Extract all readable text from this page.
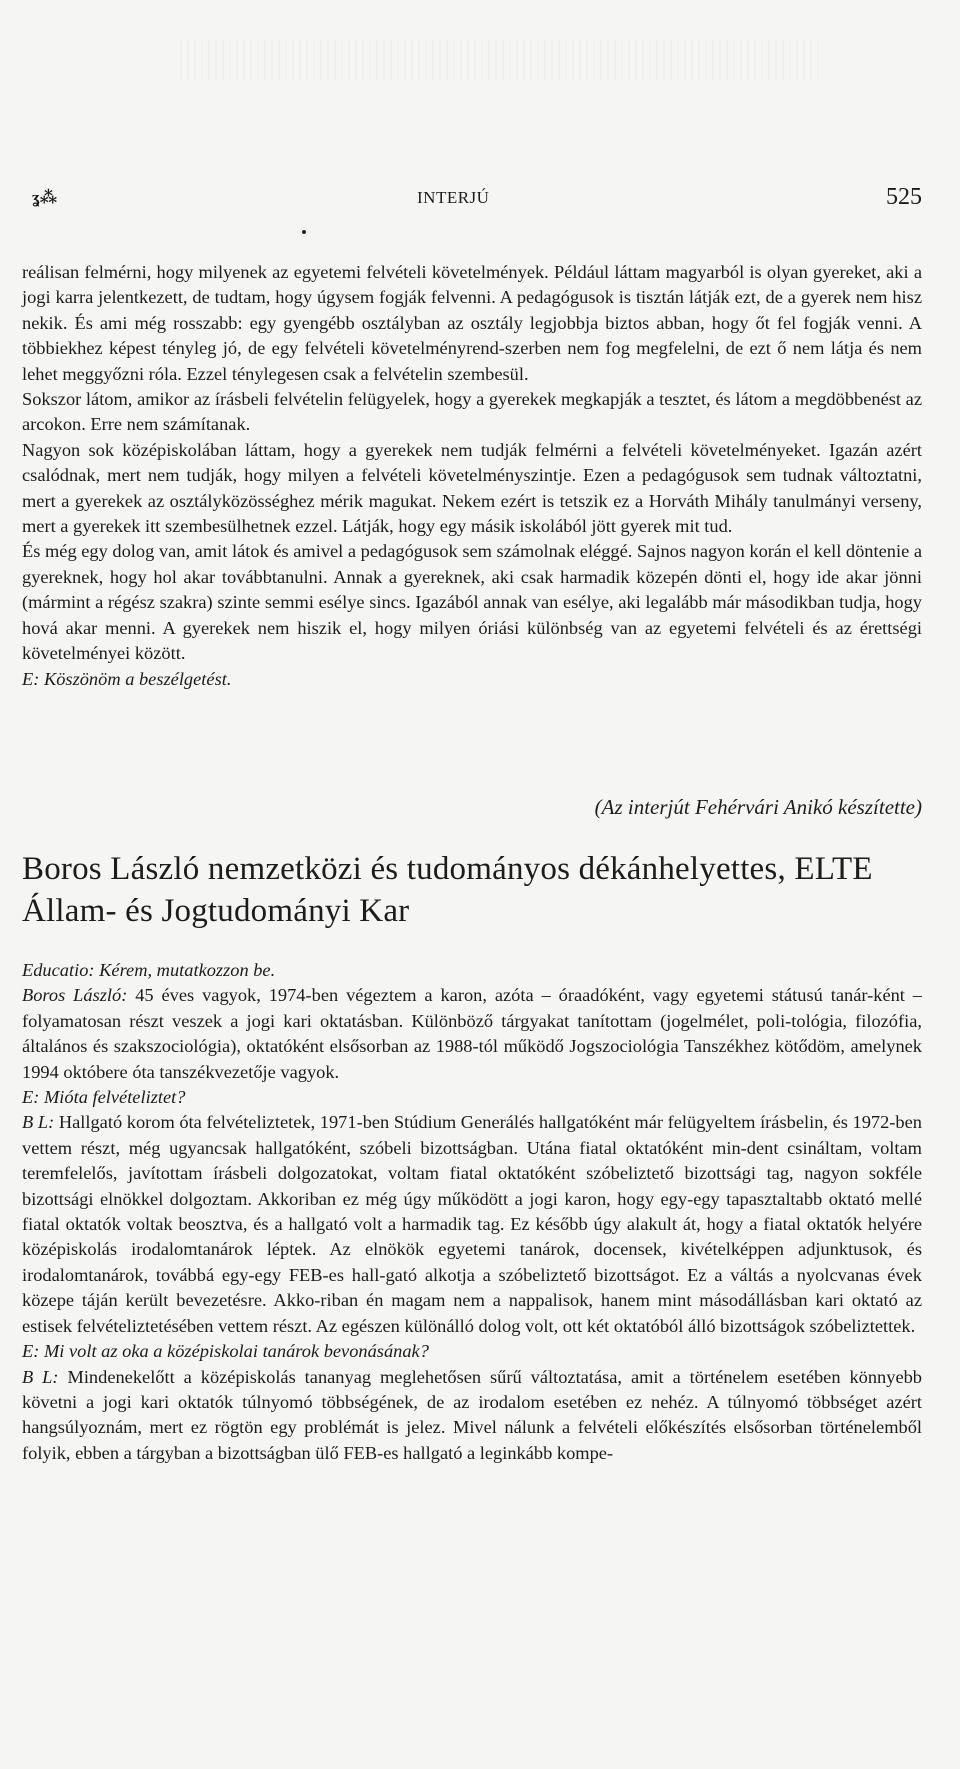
ʓ⁂	INTERJÚ	525

reálisan felmérni, hogy milyenek az egyetemi felvételi követelmények. Például láttam magyarból is olyan gyereket, aki a jogi karra jelentkezett, de tudtam, hogy úgysem fogják felvenni. A pedagógusok is tisztán látják ezt, de a gyerek nem hisz nekik. És ami még rosszabb: egy gyengébb osztályban az osztály legjobbja biztos abban, hogy őt fel fogják venni. A többiekhez képest tényleg jó, de egy felvételi követelményrend-szerben nem fog megfelelni, de ezt ő nem látja és nem lehet meggyőzni róla. Ezzel ténylegesen csak a felvételin szembesül.

Sokszor látom, amikor az írásbeli felvételin felügyelek, hogy a gyerekek megkapják a tesztet, és látom a megdöbbenést az arcokon. Erre nem számítanak.

Nagyon sok középiskolában láttam, hogy a gyerekek nem tudják felmérni a felvételi követelményeket. Igazán azért csalódnak, mert nem tudják, hogy milyen a felvételi követelményszintje. Ezen a pedagógusok sem tudnak változtatni, mert a gyerekek az osztályközösséghez mérik magukat. Nekem ezért is tetszik ez a Horváth Mihály tanulmányi verseny, mert a gyerekek itt szembesülhetnek ezzel. Látják, hogy egy másik iskolából jött gyerek mit tud.

És még egy dolog van, amit látok és amivel a pedagógusok sem számolnak eléggé. Sajnos nagyon korán el kell döntenie a gyereknek, hogy hol akar továbbtanulni. Annak a gyereknek, aki csak harmadik közepén dönti el, hogy ide akar jönni (mármint a régész szakra) szinte semmi esélye sincs. Igazából annak van esélye, aki legalább már másodikban tudja, hogy hová akar menni. A gyerekek nem hiszik el, hogy milyen óriási különbség van az egyetemi felvételi és az érettségi követelményei között.

E: Köszönöm a beszélgetést.

(Az interjút Fehérvári Anikó készítette)
Boros László nemzetközi és tudományos dékánhelyettes, ELTE
Állam- és Jogtudományi Kar

Educatio: Kérem, mutatkozzon be.

Boros László: 45 éves vagyok, 1974-ben végeztem a karon, azóta – óraadóként, vagy egyetemi státusú tanár-ként – folyamatosan részt veszek a jogi kari oktatásban. Különböző tárgyakat tanítottam (jogelmélet, poli-tológia, filozófia, általános és szakszociológia), oktatóként elsősorban az 1988-tól működő Jogszociológia Tanszékhez kötődöm, amelynek 1994 októbere óta tanszékvezetője vagyok.

E: Mióta felvételiztet?

B L: Hallgató korom óta felvételiztetek, 1971-ben Stúdium Generálés hallgatóként már felügyeltem írásbelin, és 1972-ben vettem részt, még ugyancsak hallgatóként, szóbeli bizottságban. Utána fiatal oktatóként min-dent csináltam, voltam teremfelelős, javítottam írásbeli dolgozatokat, voltam fiatal oktatóként szóbeliztető bizottsági tag, nagyon sokféle bizottsági elnökkel dolgoztam. Akkoriban ez még úgy működött a jogi karon, hogy egy-egy tapasztaltabb oktató mellé fiatal oktatók voltak beosztva, és a hallgató volt a harmadik tag. Ez később úgy alakult át, hogy a fiatal oktatók helyére középiskolás irodalomtanárok léptek. Az elnökök egyetemi tanárok, docensek, kivételképpen adjunktusok, és irodalomtanárok, továbbá egy-egy FEB-es hall-gató alkotja a szóbeliztető bizottságot. Ez a váltás a nyolcvanas évek közepe táján került bevezetésre. Akko-riban én magam nem a nappalisok, hanem mint másodállásban kari oktató az estisek felvételiztetésében vettem részt. Az egészen különálló dolog volt, ott két oktatóból álló bizottságok szóbeliztettek.

E: Mi volt az oka a középiskolai tanárok bevonásának?

B L: Mindenekelőtt a középiskolás tananyag meglehetősen sűrű változtatása, amit a történelem esetében könnyebb követni a jogi kari oktatók túlnyomó többségének, de az irodalom esetében ez nehéz. A túlnyomó többséget azért hangsúlyoznám, mert ez rögtön egy problémát is jelez. Mivel nálunk a felvételi előkészítés elsősorban történelemből folyik, ebben a tárgyban a bizottságban ülő FEB-es hallgató a leginkább kompe-
